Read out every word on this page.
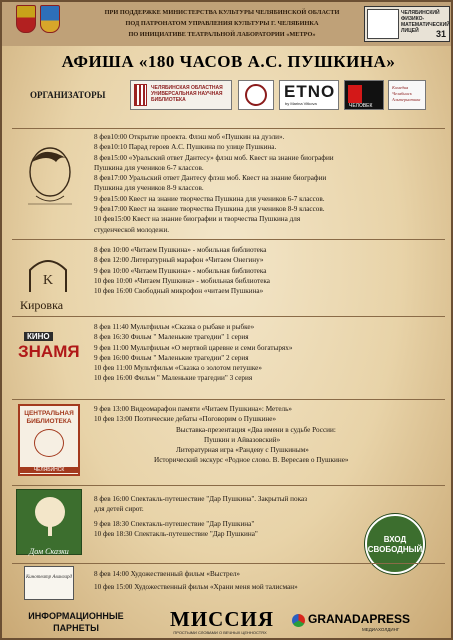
ПРИ ПОДДЕРЖКЕ МИНИСТЕРСТВА КУЛЬТУРЫ ЧЕЛЯБИНСКОЙ ОБЛАСТИ
ПОД ПАТРОНАТОМ УПРАВЛЕНИЯ КУЛЬТУРЫ Г. ЧЕЛЯБИНКА
ПО ИНИЦИАТИВЕ ТЕАТРАЛЬНОЙ ЛАБОРАТОРИИ «МЕТРО»
ЧЕЛЯБИНСКИЙ ФИЗИКО-МАТЕМАТИЧЕСКИЙ ЛИЦЕЙ	31
АФИША «180 ЧАСОВ А.С. ПУШКИНА»
ОРГАНИЗАТОРЫ
ЧЕЛЯБИНСКАЯ ОБЛАСТНАЯ УНИВЕРСАЛЬНАЯ НАУЧНАЯ БИБЛИОТЕКА	ETNO
by Marina Vitkova	ЧЕЛОВЕК
Комедия Челябинск Альтернатива
8 фев10:00 Открытие проекта. Флэш моб «Пушкин на дуэли».
8 фев10:10 Парад героев А.С. Пушкина по улице Пушкина.
8 фев15:00 «Уральский ответ Дантесу» флэш моб. Квест на знание биографии
Пушкина для учеников 6-7 классов.
8 фев17:00 Уральский ответ Дантесу флэш моб. Квест на знание биографии
Пушкина для учеников 8-9 классов.
9 фев15:00 Квест на знание творчества Пушкина для учеников 6-7 классов.
9 фев17:00 Квест на знание творчества Пушкина для учеников 8-9 классов.
10 фев15:00 Квест на знание биографии и творчества Пушкина для
студенческой молодежи.
K
Кировка
8 фев 10:00 «Читаем Пушкина» - мобильная библиотека
8 фев 12:00 Литературный марафон «Читаем Онегину»
9 фев 10:00 «Читаем Пушкина» - мобильная библиотека
10 фев 10:00 «Читаем Пушкина» - мобильная библиотека
10 фев 16:00 Свободный микрофон «читаем Пушкина»
КИНО
ЗНАМЯ
8 фев 11:40 Мультфильм «Сказка о рыбаке и рыбке»
8 фев 16:30 Фильм " Маленькие трагедии" 1 серия
9 фев 11:00 Мультфильм «О мертвой царевне и семи богатырях»
9 фев 16:00 Фильм " Маленькие трагедии" 2 серия
10 фев 11:00 Мультфильм «Сказка о золотом петушке»
10 фев 16:00 Фильм " Маленькие трагедии" 3 серия
ЦЕНТРАЛЬНАЯ БИБЛИОТЕКА
ЧЕЛЯБИНСК
9 фев 13:00 Видеомарафон памяти «Читаем Пушкина»: Метель»
10 фев 13:00 Поэтические дебаты «Поговорим о Пушкине»
Выставка-презентация «Два имени в судьбе России:
Пушкин и Айвазовский»
Литературная игра «Рандеву с Пушкиным»
Исторический экскурс «Родное слово. В. Вересаев о Пушкине»
Дом Сказки
8 фев 16:00 Спектакль-путешествие "Дар Пушкина". Закрытый показ
для детей сирот.
9 фев 18:30 Спектакль-путешествие "Дар Пушкина"
10 фев 18:30 Спектакль-путешествие "Дар Пушкина"
ВХОД СВОБОДНЫЙ
Кинотеатр Авангард	8 фев 14:00 Художественный фильм «Выстрел»
10 фев 15:00 Художественный фильм «Храни меня мой талисман»
ИНФОРМАЦИОННЫЕ ПАРНЕТЫ	МИССИЯ
ПРОСТЫМИ СЛОВАМИ О ВЕЧНЫХ ЦЕННОСТЯХ
GRANADAPRESS
МЕДИАХОЛДИНГ
